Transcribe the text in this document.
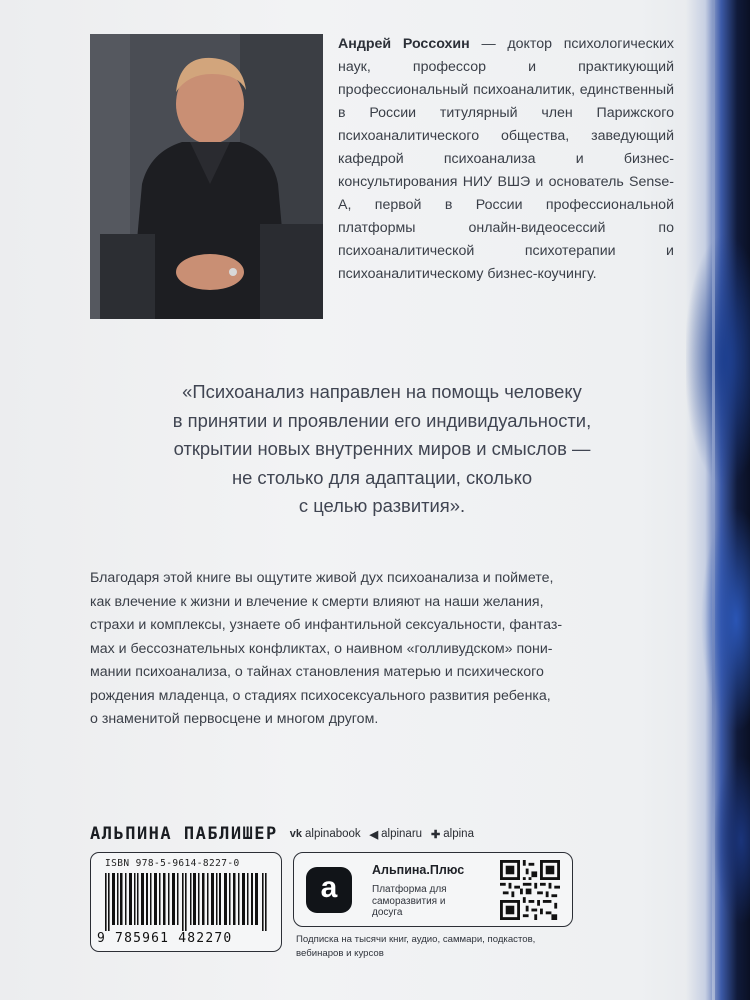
Андрей Россохин — доктор психологических наук, профессор и практикующий профессиональный психоаналитик, единственный в России титулярный член Парижского психоаналитического общества, заведующий кафедрой психоанализа и бизнес-консультирования НИУ ВШЭ и основатель Sense-A, первой в России профессиональной платформы онлайн-видеосессий по психоаналитической психотерапии и психоаналитическому бизнес-коучингу.
«Психоанализ направлен на помощь человеку
в принятии и проявлении его индивидуальности,
открытии новых внутренних миров и смыслов —
не столько для адаптации, сколько
с целью развития».
Благодаря этой книге вы ощутите живой дух психоанализа и поймете,
как влечение к жизни и влечение к смерти влияют на наши желания,
страхи и комплексы, узнаете об инфантильной сексуальности, фантаз-
мах и бессознательных конфликтах, о наивном «голливудском» пони-
мании психоанализа, о тайнах становления матерью и психического
рождения младенца, о стадиях психосексуального развития ребенка,
о знаменитой первосцене и многом другом.
АЛЬПИНА ПАБЛИШЕР vk alpinabook ◀ alpinaru ✚ alpina
ISBN 978-5-9614-8227-0
9 785961 482270
a
Альпина.Плюс
Платформа для саморазвития и досуга
Подписка на тысячи книг, аудио, саммари, подкастов, вебинаров и курсов
